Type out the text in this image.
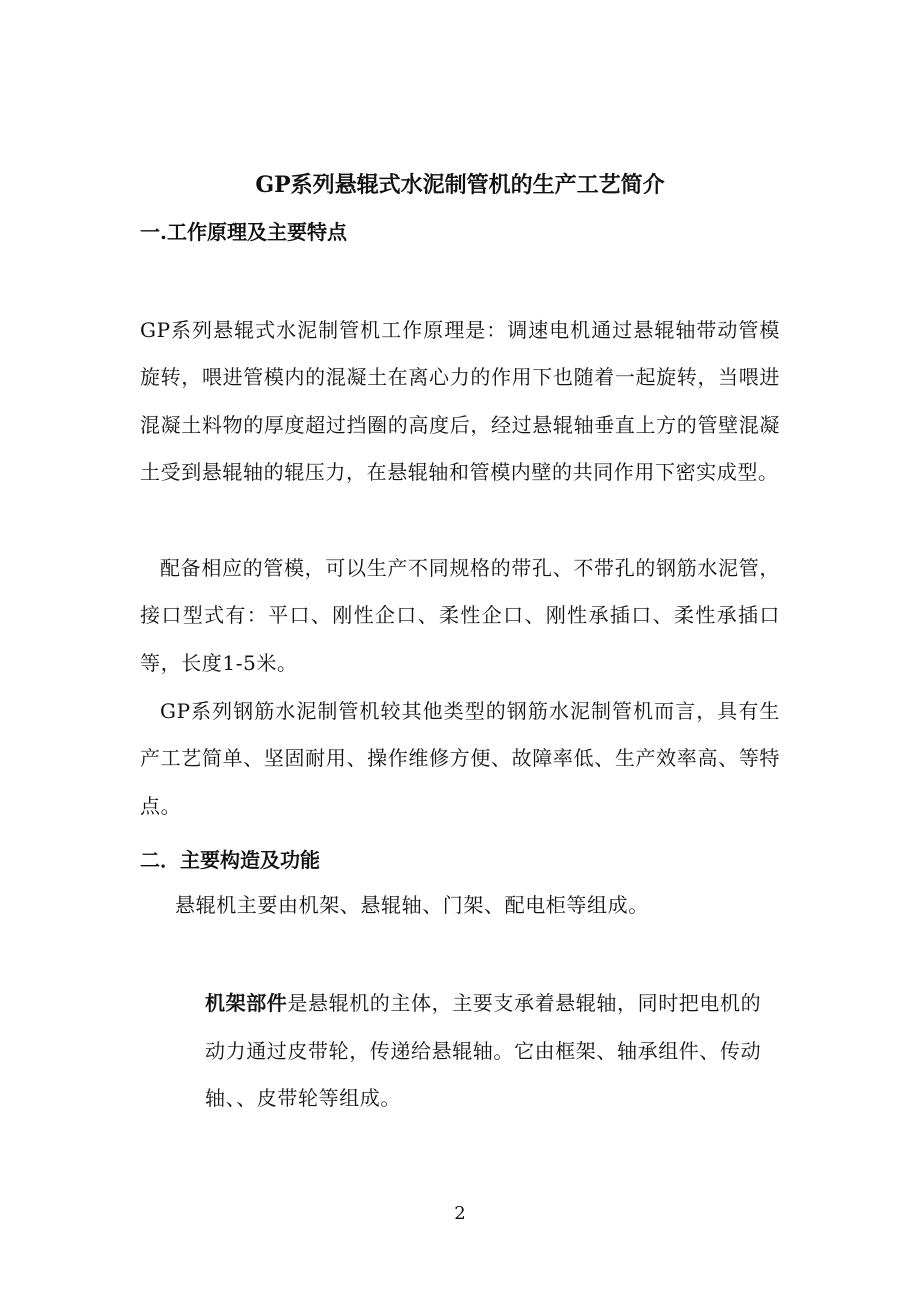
GP系列悬辊式水泥制管机的生产工艺简介
一.工作原理及主要特点
GP系列悬辊式水泥制管机工作原理是：调速电机通过悬辊轴带动管模旋转，喂进管模内的混凝土在离心力的作用下也随着一起旋转，当喂进混凝土料物的厚度超过挡圈的高度后，经过悬辊轴垂直上方的管壁混凝土受到悬辊轴的辊压力，在悬辊轴和管模内壁的共同作用下密实成型。
配备相应的管模，可以生产不同规格的带孔、不带孔的钢筋水泥管，接口型式有：平口、刚性企口、柔性企口、刚性承插口、柔性承插口等，长度1-5米。
GP系列钢筋水泥制管机较其他类型的钢筋水泥制管机而言，具有生产工艺简单、坚固耐用、操作维修方便、故障率低、生产效率高、等特点。
二．主要构造及功能
悬辊机主要由机架、悬辊轴、门架、配电柜等组成。
机架部件是悬辊机的主体，主要支承着悬辊轴，同时把电机的动力通过皮带轮，传递给悬辊轴。它由框架、轴承组件、传动轴、、皮带轮等组成。
2
